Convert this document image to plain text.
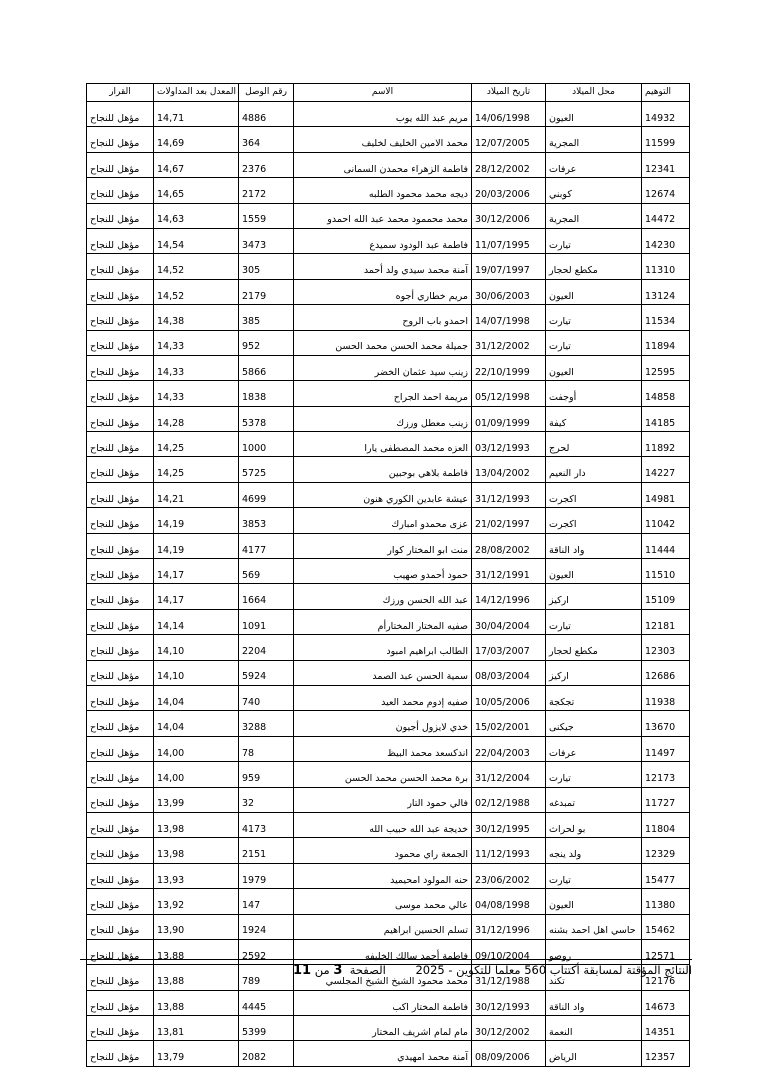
القرار	المعدل بعد المداولات	رقم الوصل	الاسم	تاريخ الميلاد	محل الميلاد	التوهيم
مؤهل للنجاح	14,71	4886	مريم عبد الله يوب	14/06/1998	العيون	14932
مؤهل للنجاح	14,69	364	محمد الامين الخليف لخليف	12/07/2005	المجرية	11599
مؤهل للنجاح	14,67	2376	فاطمة الزهراء محمدن السمانى	28/12/2002	عرفات	12341
مؤهل للنجاح	14,65	2172	ديجه محمد محمود الطلبه	20/03/2006	كوبني	12674
مؤهل للنجاح	14,63	1559	محمد محممود محمد عبد الله احمدو	30/12/2006	المجرية	14472
مؤهل للنجاح	14,54	3473	فاطمة عبد الودود سميدع	11/07/1995	تيارت	14230
مؤهل للنجاح	14,52	305	آمنة محمد سيدي ولد أحمد	19/07/1997	مكطع لحجار	11310
مؤهل للنجاح	14,52	2179	مريم خطاري أجوه	30/06/2003	العيون	13124
مؤهل للنجاح	14,38	385	احمدو باب الروح	14/07/1998	تيارت	11534
مؤهل للنجاح	14,33	952	جميلة محمد الحسن محمد الحسن	31/12/2002	تيارت	11894
مؤهل للنجاح	14,33	5866	زينب سيد عثمان الخضر	22/10/1999	العيون	12595
مؤهل للنجاح	14,33	1838	مريمة احمد الجراح	05/12/1998	أوجفت	14858
مؤهل للنجاح	14,28	5378	زينب معطل ورزك	01/09/1999	كيفة	14185
مؤهل للنجاح	14,25	1000	العزه محمد المصطفى يارا	03/12/1993	لحرج	11892
مؤهل للنجاح	14,25	5725	فاطمة بلاهي بوحبين	13/04/2002	دار النعيم	14227
مؤهل للنجاح	14,21	4699	عيشة عابدين الكوري هنون	31/12/1993	اكجرت	14981
مؤهل للنجاح	14,19	3853	عزى محمدو امبارك	21/02/1997	اكجرت	11042
مؤهل للنجاح	14,19	4177	منت ابو المختار كوار	28/08/2002	واد الناقة	11444
مؤهل للنجاح	14,17	569	حمود أحمدو صهيب	31/12/1991	العيون	11510
مؤهل للنجاح	14,17	1664	عبد الله الحسن ورزك	14/12/1996	اركيز	15109
مؤهل للنجاح	14,14	1091	صفيه المختار المختارأم	30/04/2004	تيارت	12181
مؤهل للنجاح	14,10	2204	الطالب ابراهيم امبود	17/03/2007	مكطع لحجار	12303
مؤهل للنجاح	14,10	5924	سمية الحسن عبد الصمد	08/03/2004	اركيز	12686
مؤهل للنجاح	14,04	740	صفيه إدوم محمد العيد	10/05/2006	تجكجة	11938
مؤهل للنجاح	14,04	3288	خدي لايزول أجيون	15/02/2001	جيكنى	13670
مؤهل للنجاح	14,00	78	اندكسعد محمد البيظ	22/04/2003	عرفات	11497
مؤهل للنجاح	14,00	959	برة محمد الحسن محمد الحسن	31/12/2004	تيارت	12173
مؤهل للنجاح	13,99	32	فالي حمود التار	02/12/1988	تمبدغه	11727
مؤهل للنجاح	13,98	4173	خديجة عبد الله حبيب الله	30/12/1995	بو لحراث	11804
مؤهل للنجاح	13,98	2151	الجمعة راي محمود	11/12/1993	ولد ينجه	12329
مؤهل للنجاح	13,93	1979	حنه المولود امحيميد	23/06/2002	تيارت	15477
مؤهل للنجاح	13,92	147	عالي محمد موسى	04/08/1998	العيون	11380
مؤهل للنجاح	13,90	1924	تسلم الحسين ابراهيم	31/12/1996	حاسي اهل احمد بشنه	15462
مؤهل للنجاح	13,88	2592	فاطمة أحمد سالك الخليفه	09/10/2004	روصو	12571
مؤهل للنجاح	13,88	789	محمد محمود الشيخ الشيخ المجلسي	31/12/1988	تكند	12176
مؤهل للنجاح	13,88	4445	فاطمة المختار اكب	30/12/1993	واد الناقة	14673
مؤهل للنجاح	13,81	5399	مام لمام اشريف المختار	30/12/2002	النعمة	14351
مؤهل للنجاح	13,79	2082	آمنة محمد امهيدي	08/09/2006	الرياض	12357
الصفحة  3 من 11	النتائج المؤقتة لمسابقة أكتتاب 560 معلما للتكوين - 2025
